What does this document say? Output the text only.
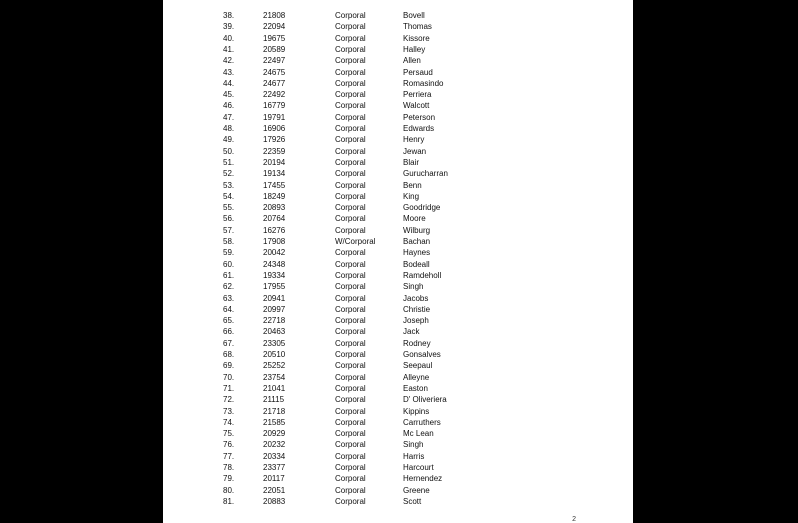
38.	21808	Corporal	Bovell
39.	22094	Corporal	Thomas
40.	19675	Corporal	Kissore
41.	20589	Corporal	Halley
42.	22497	Corporal	Allen
43.	24675	Corporal	Persaud
44.	24677	Corporal	Romasindo
45.	22492	Corporal	Perriera
46.	16779	Corporal	Walcott
47.	19791	Corporal	Peterson
48.	16906	Corporal	Edwards
49.	17926	Corporal	Henry
50.	22359	Corporal	Jewan
51.	20194	Corporal	Blair
52.	19134	Corporal	Gurucharran
53.	17455	Corporal	Benn
54.	18249	Corporal	King
55.	20893	Corporal	Goodridge
56.	20764	Corporal	Moore
57.	16276	Corporal	Wilburg
58.	17908	W/Corporal	Bachan
59.	20042	Corporal	Haynes
60.	24348	Corporal	Bodeall
61.	19334	Corporal	Ramdeholl
62.	17955	Corporal	Singh
63.	20941	Corporal	Jacobs
64.	20997	Corporal	Christie
65.	22718	Corporal	Joseph
66.	20463	Corporal	Jack
67.	23305	Corporal	Rodney
68.	20510	Corporal	Gonsalves
69.	25252	Corporal	Seepaul
70.	23754	Corporal	Alleyne
71.	21041	Corporal	Easton
72.	21115	Corporal	D' Oliveriera
73.	21718	Corporal	Kippins
74.	21585	Corporal	Carruthers
75.	20929	Corporal	Mc Lean
76.	20232	Corporal	Singh
77.	20334	Corporal	Harris
78.	23377	Corporal	Harcourt
79.	20117	Corporal	Hernendez
80.	22051	Corporal	Greene
81.	20883	Corporal	Scott
2
